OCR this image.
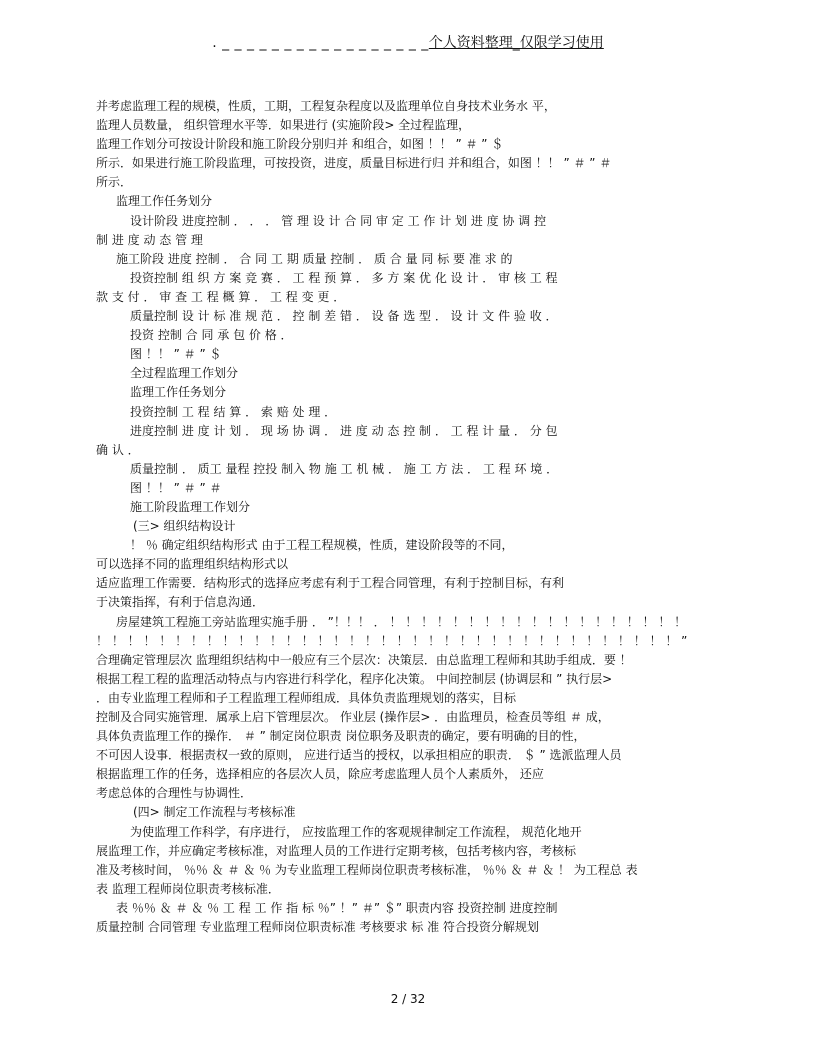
. _ _ _ _ _ _ _ _ _ _ _ _ _ _ _ _ _个人资料整理_仅限学习使用
并考虑监理工程的规模，性质，工期，工程复杂程度以及监理单位自身技术业务水 平，
监理人员数量， 组织管理水平等．如果进行 (实施阶段> 全过程监理，
监理工作划分可按设计阶段和施工阶段分别归并 和组合，如图 ！！ ” ＃ ” ＄
所示．如果进行施工阶段监理，可按投资，进度，质量目标进行归 并和组合，如图 ！！ ” ＃ ” ＃
所示．
监理工作任务划分
设计阶段 进度控制 ． ． ． 管 理 设 计 合 同 审 定 工 作 计 划 进 度 协 调 控
制 进 度 动 态 管 理
施工阶段 进度 控制 ． 合 同 工 期 质量 控制 ． 质 合 量 同 标 要 准 求 的
投资控制 组 织 方 案 竞 赛 ． 工 程 预 算 ． 多 方 案 优 化 设 计 ． 审 核 工 程
款 支 付 ． 审 查 工 程 概 算 ． 工 程 变 更 ．
质量控制 设 计 标 准 规 范 ． 控 制 差 错 ． 设 备 选 型 ． 设 计 文 件 验 收 ．
投资 控制 合 同 承 包 价 格 ．
图 ！！ ” ＃ ” ＄
全过程监理工作划分
监理工作任务划分
投资控制 工 程 结 算 ． 索 赔 处 理 ．
进度控制 进 度 计 划 ． 现 场 协 调 ． 进 度 动 态 控 制 ． 工 程 计 量 ． 分 包
确 认 ．
质量控制 ． 质工 量程 控投 制入 物 施 工 机 械 ． 施 工 方 法 ． 工 程 环 境 ．
图 ！！ ” ＃ ” ＃
施工阶段监理工作划分
(三> 组织结构设计
！ ％ 确定组织结构形式 由于工程工程规模，性质，建设阶段等的不同，
可以选择不同的监理组织结构形式以
适应监理工作需要．结构形式的选择应考虑有利于工程合同管理，有利于控制目标，有利
于决策指挥，有利于信息沟通．
房屋建筑工程施工旁站监理实施手册 ． ”！！！ ． ！ ！ ！ ！ ！ ！ ！ ！ ！ ！ ！ ！ ！ ！ ！ ！ ！ ！ ！
！ ！ ！ ！ ！ ！ ！ ！ ！ ！ ！ ！ ！ ！ ！ ！ ！ ！ ！ ！ ！ ！ ！ ！ ！ ！ ！ ！ ！ ！ ！ ！ ！ ！ ！ ！ ！ ”
合理确定管理层次 监理组织结构中一般应有三个层次：决策层．由总监理工程师和其助手组成．要 ！
根据工程工程的监理活动特点与内容进行科学化，程序化决策。 中间控制层 (协调层和 ” 执行层>
．由专业监理工程师和子工程监理工程师组成．具体负责监理规划的落实，目标
控制及合同实施管理．属承上启下管理层次。 作业层 (操作层> ．由监理员，检查员等组 ＃ 成，
具体负责监理工作的操作． ＃ ” 制定岗位职责 岗位职务及职责的确定，要有明确的目的性，
不可因人设事．根据责权一致的原则， 应进行适当的授权，以承担相应的职责． ＄ ” 选派监理人员
根据监理工作的任务，选择相应的各层次人员，除应考虑监理人员个人素质外， 还应
考虑总体的合理性与协调性．
(四> 制定工作流程与考核标准
为使监理工作科学，有序进行， 应按监理工作的客观规律制定工作流程， 规范化地开
展监理工作，并应确定考核标准，对监理人员的工作进行定期考核，包括考核内容，考核标
准及考核时间， ％％ ＆ ＃ ＆ ％ 为专业监理工程师岗位职责考核标准， ％％ ＆ ＃ ＆ ！ 为工程总 表
表 监理工程师岗位职责考核标准．
表 ％％ ＆ ＃ ＆ ％ 工 程 工 作 指 标 ％” ！” ＃” ＄” 职责内容 投资控制 进度控制
质量控制 合同管理 专业监理工程师岗位职责标准 考核要求 标 准 符合投资分解规划
2 / 32
